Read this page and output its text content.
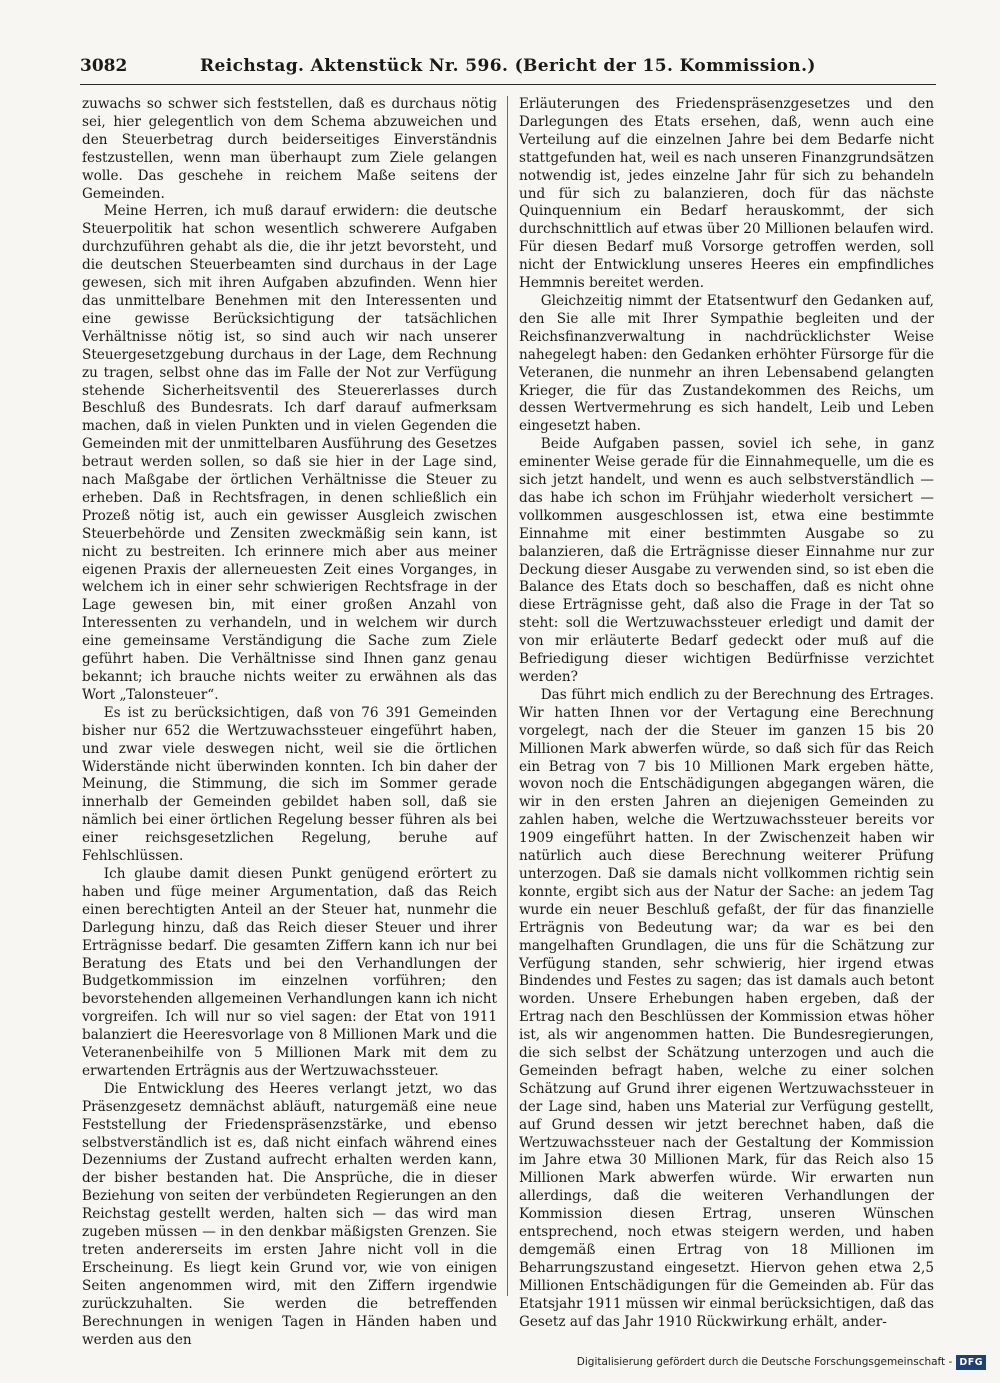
3082	Reichstag. Aktenstück Nr. 596. (Bericht der 15. Kommission.)

zuwachs so schwer sich feststellen, daß es durchaus nötig sei, hier gelegentlich von dem Schema abzuweichen und den Steuerbetrag durch beiderseitiges Einverständnis festzustellen, wenn man überhaupt zum Ziele gelangen wolle. Das geschehe in reichem Maße seitens der Gemeinden.

Meine Herren, ich muß darauf erwidern: die deutsche Steuerpolitik hat schon wesentlich schwerere Aufgaben durchzuführen gehabt als die, die ihr jetzt bevorsteht, und die deutschen Steuerbeamten sind durchaus in der Lage gewesen, sich mit ihren Aufgaben abzufinden. Wenn hier das unmittelbare Benehmen mit den Interessenten und eine gewisse Berücksichtigung der tatsächlichen Verhältnisse nötig ist, so sind auch wir nach unserer Steuergesetzgebung durchaus in der Lage, dem Rechnung zu tragen, selbst ohne das im Falle der Not zur Verfügung stehende Sicherheitsventil des Steuererlasses durch Beschluß des Bundesrats. Ich darf darauf aufmerksam machen, daß in vielen Punkten und in vielen Gegenden die Gemeinden mit der unmittelbaren Ausführung des Gesetzes betraut werden sollen, so daß sie hier in der Lage sind, nach Maßgabe der örtlichen Verhältnisse die Steuer zu erheben. Daß in Rechtsfragen, in denen schließlich ein Prozeß nötig ist, auch ein gewisser Ausgleich zwischen Steuerbehörde und Zensiten zweckmäßig sein kann, ist nicht zu bestreiten. Ich erinnere mich aber aus meiner eigenen Praxis der allerneuesten Zeit eines Vorganges, in welchem ich in einer sehr schwierigen Rechtsfrage in der Lage gewesen bin, mit einer großen Anzahl von Interessenten zu verhandeln, und in welchem wir durch eine gemeinsame Verständigung die Sache zum Ziele geführt haben. Die Verhältnisse sind Ihnen ganz genau bekannt; ich brauche nichts weiter zu erwähnen als das Wort „Talonsteuer“.

Es ist zu berücksichtigen, daß von 76 391 Gemeinden bisher nur 652 die Wertzuwachssteuer eingeführt haben, und zwar viele deswegen nicht, weil sie die örtlichen Widerstände nicht überwinden konnten. Ich bin daher der Meinung, die Stimmung, die sich im Sommer gerade innerhalb der Gemeinden gebildet haben soll, daß sie nämlich bei einer örtlichen Regelung besser führen als bei einer reichsgesetzlichen Regelung, beruhe auf Fehlschlüssen.

Ich glaube damit diesen Punkt genügend erörtert zu haben und füge meiner Argumentation, daß das Reich einen berechtigten Anteil an der Steuer hat, nunmehr die Darlegung hinzu, daß das Reich dieser Steuer und ihrer Erträgnisse bedarf. Die gesamten Ziffern kann ich nur bei Beratung des Etats und bei den Verhandlungen der Budgetkommission im einzelnen vorführen; den bevorstehenden allgemeinen Verhandlungen kann ich nicht vorgreifen. Ich will nur so viel sagen: der Etat von 1911 balanziert die Heeresvorlage von 8 Millionen Mark und die Veteranenbeihilfe von 5 Millionen Mark mit dem zu erwartenden Erträgnis aus der Wertzuwachssteuer.

Die Entwicklung des Heeres verlangt jetzt, wo das Präsenzgesetz demnächst abläuft, naturgemäß eine neue Feststellung der Friedenspräsenzstärke, und ebenso selbstverständlich ist es, daß nicht einfach während eines Dezenniums der Zustand aufrecht erhalten werden kann, der bisher bestanden hat. Die Ansprüche, die in dieser Beziehung von seiten der verbündeten Regierungen an den Reichstag gestellt werden, halten sich — das wird man zugeben müssen — in den denkbar mäßigsten Grenzen. Sie treten andererseits im ersten Jahre nicht voll in die Erscheinung. Es liegt kein Grund vor, wie von einigen Seiten angenommen wird, mit den Ziffern irgendwie zurückzuhalten. Sie werden die betreffenden Berechnungen in wenigen Tagen in Händen haben und werden aus den

Erläuterungen des Friedenspräsenzgesetzes und den Darlegungen des Etats ersehen, daß, wenn auch eine Verteilung auf die einzelnen Jahre bei dem Bedarfe nicht stattgefunden hat, weil es nach unseren Finanzgrundsätzen notwendig ist, jedes einzelne Jahr für sich zu behandeln und für sich zu balanzieren, doch für das nächste Quinquennium ein Bedarf herauskommt, der sich durchschnittlich auf etwas über 20 Millionen belaufen wird. Für diesen Bedarf muß Vorsorge getroffen werden, soll nicht der Entwicklung unseres Heeres ein empfindliches Hemmnis bereitet werden.

Gleichzeitig nimmt der Etatsentwurf den Gedanken auf, den Sie alle mit Ihrer Sympathie begleiten und der Reichsfinanzverwaltung in nachdrücklichster Weise nahegelegt haben: den Gedanken erhöhter Fürsorge für die Veteranen, die nunmehr an ihren Lebensabend gelangten Krieger, die für das Zustandekommen des Reichs, um dessen Wertvermehrung es sich handelt, Leib und Leben eingesetzt haben.

Beide Aufgaben passen, soviel ich sehe, in ganz eminenter Weise gerade für die Einnahmequelle, um die es sich jetzt handelt, und wenn es auch selbstverständlich — das habe ich schon im Frühjahr wiederholt versichert — vollkommen ausgeschlossen ist, etwa eine bestimmte Einnahme mit einer bestimmten Ausgabe so zu balanzieren, daß die Erträgnisse dieser Einnahme nur zur Deckung dieser Ausgabe zu verwenden sind, so ist eben die Balance des Etats doch so beschaffen, daß es nicht ohne diese Erträgnisse geht, daß also die Frage in der Tat so steht: soll die Wertzuwachssteuer erledigt und damit der von mir erläuterte Bedarf gedeckt oder muß auf die Befriedigung dieser wichtigen Bedürfnisse verzichtet werden?

Das führt mich endlich zu der Berechnung des Ertrages. Wir hatten Ihnen vor der Vertagung eine Berechnung vorgelegt, nach der die Steuer im ganzen 15 bis 20 Millionen Mark abwerfen würde, so daß sich für das Reich ein Betrag von 7 bis 10 Millionen Mark ergeben hätte, wovon noch die Entschädigungen abgegangen wären, die wir in den ersten Jahren an diejenigen Gemeinden zu zahlen haben, welche die Wertzuwachssteuer bereits vor 1909 eingeführt hatten. In der Zwischenzeit haben wir natürlich auch diese Berechnung weiterer Prüfung unterzogen. Daß sie damals nicht vollkommen richtig sein konnte, ergibt sich aus der Natur der Sache: an jedem Tag wurde ein neuer Beschluß gefaßt, der für das finanzielle Erträgnis von Bedeutung war; da war es bei den mangelhaften Grundlagen, die uns für die Schätzung zur Verfügung standen, sehr schwierig, hier irgend etwas Bindendes und Festes zu sagen; das ist damals auch betont worden. Unsere Erhebungen haben ergeben, daß der Ertrag nach den Beschlüssen der Kommission etwas höher ist, als wir angenommen hatten. Die Bundesregierungen, die sich selbst der Schätzung unterzogen und auch die Gemeinden befragt haben, welche zu einer solchen Schätzung auf Grund ihrer eigenen Wertzuwachssteuer in der Lage sind, haben uns Material zur Verfügung gestellt, auf Grund dessen wir jetzt berechnet haben, daß die Wertzuwachssteuer nach der Gestaltung der Kommission im Jahre etwa 30 Millionen Mark, für das Reich also 15 Millionen Mark abwerfen würde. Wir erwarten nun allerdings, daß die weiteren Verhandlungen der Kommission diesen Ertrag, unseren Wünschen entsprechend, noch etwas steigern werden, und haben demgemäß einen Ertrag von 18 Millionen im Beharrungszustand eingesetzt. Hiervon gehen etwa 2,5 Millionen Entschädigungen für die Gemeinden ab. Für das Etatsjahr 1911 müssen wir einmal berücksichtigen, daß das Gesetz auf das Jahr 1910 Rückwirkung erhält, ander-

Digitalisierung gefördert durch die Deutsche Forschungsgemeinschaft - DFG
